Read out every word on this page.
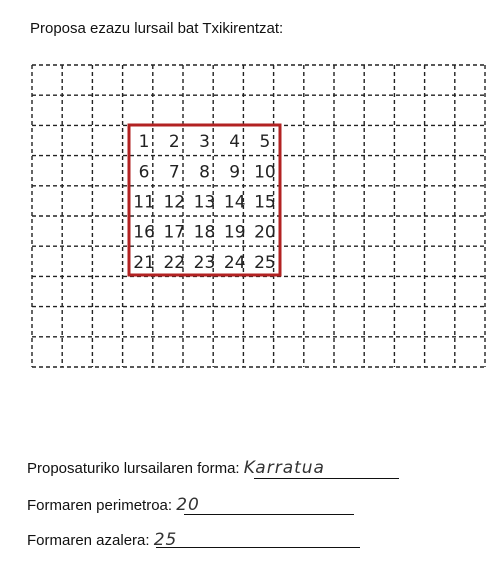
Proposa ezazu lursail bat Txikirentzat:
1 2 3 4 5
6 7 8 9 10
11 12 13 14 15
16 17 18 19 20
21 22 23 24 25
Proposaturiko lursailaren forma: Karratua
Formaren perimetroa: 20
Formaren azalera: 25
